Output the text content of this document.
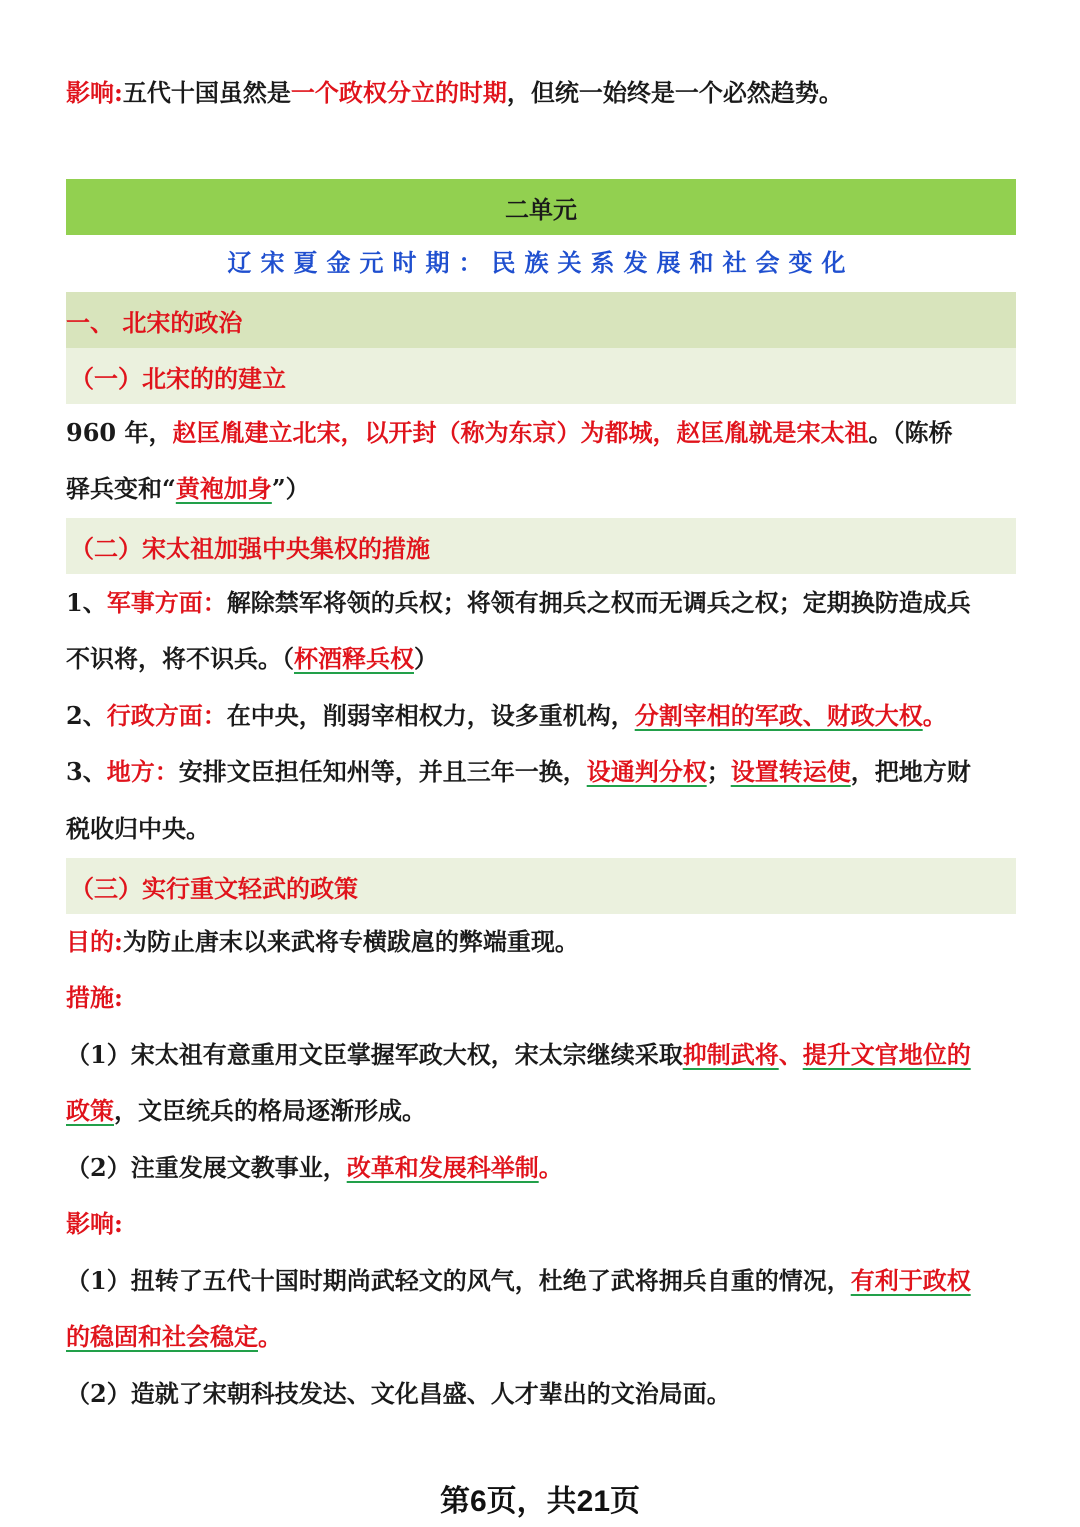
影响:五代十国虽然是一个政权分立的时期，但统一始终是一个必然趋势。
二单元
辽宋夏金元时期：民族关系发展和社会变化
一、 北宋的政治
（一）北宋的的建立
960 年，赵匡胤建立北宋，以开封（称为东京）为都城，赵匡胤就是宋太祖。（陈桥
驿兵变和“黄袍加身”）
（二）宋太祖加强中央集权的措施
1、军事方面：解除禁军将领的兵权；将领有拥兵之权而无调兵之权；定期换防造成兵
不识将，将不识兵。（杯酒释兵权）
2、行政方面：在中央，削弱宰相权力，设多重机构，分割宰相的军政、财政大权。
3、地方：安排文臣担任知州等，并且三年一换，设通判分权；设置转运使，把地方财
税收归中央。
（三）实行重文轻武的政策
目的:为防止唐末以来武将专横跋扈的弊端重现。
措施:
（1）宋太祖有意重用文臣掌握军政大权，宋太宗继续采取抑制武将、提升文官地位的
政策，文臣统兵的格局逐渐形成。
（2）注重发展文教事业，改革和发展科举制。
影响:
（1）扭转了五代十国时期尚武轻文的风气，杜绝了武将拥兵自重的情况，有利于政权
的稳固和社会稳定。
（2）造就了宋朝科技发达、文化昌盛、人才辈出的文治局面。
第6页，共21页
